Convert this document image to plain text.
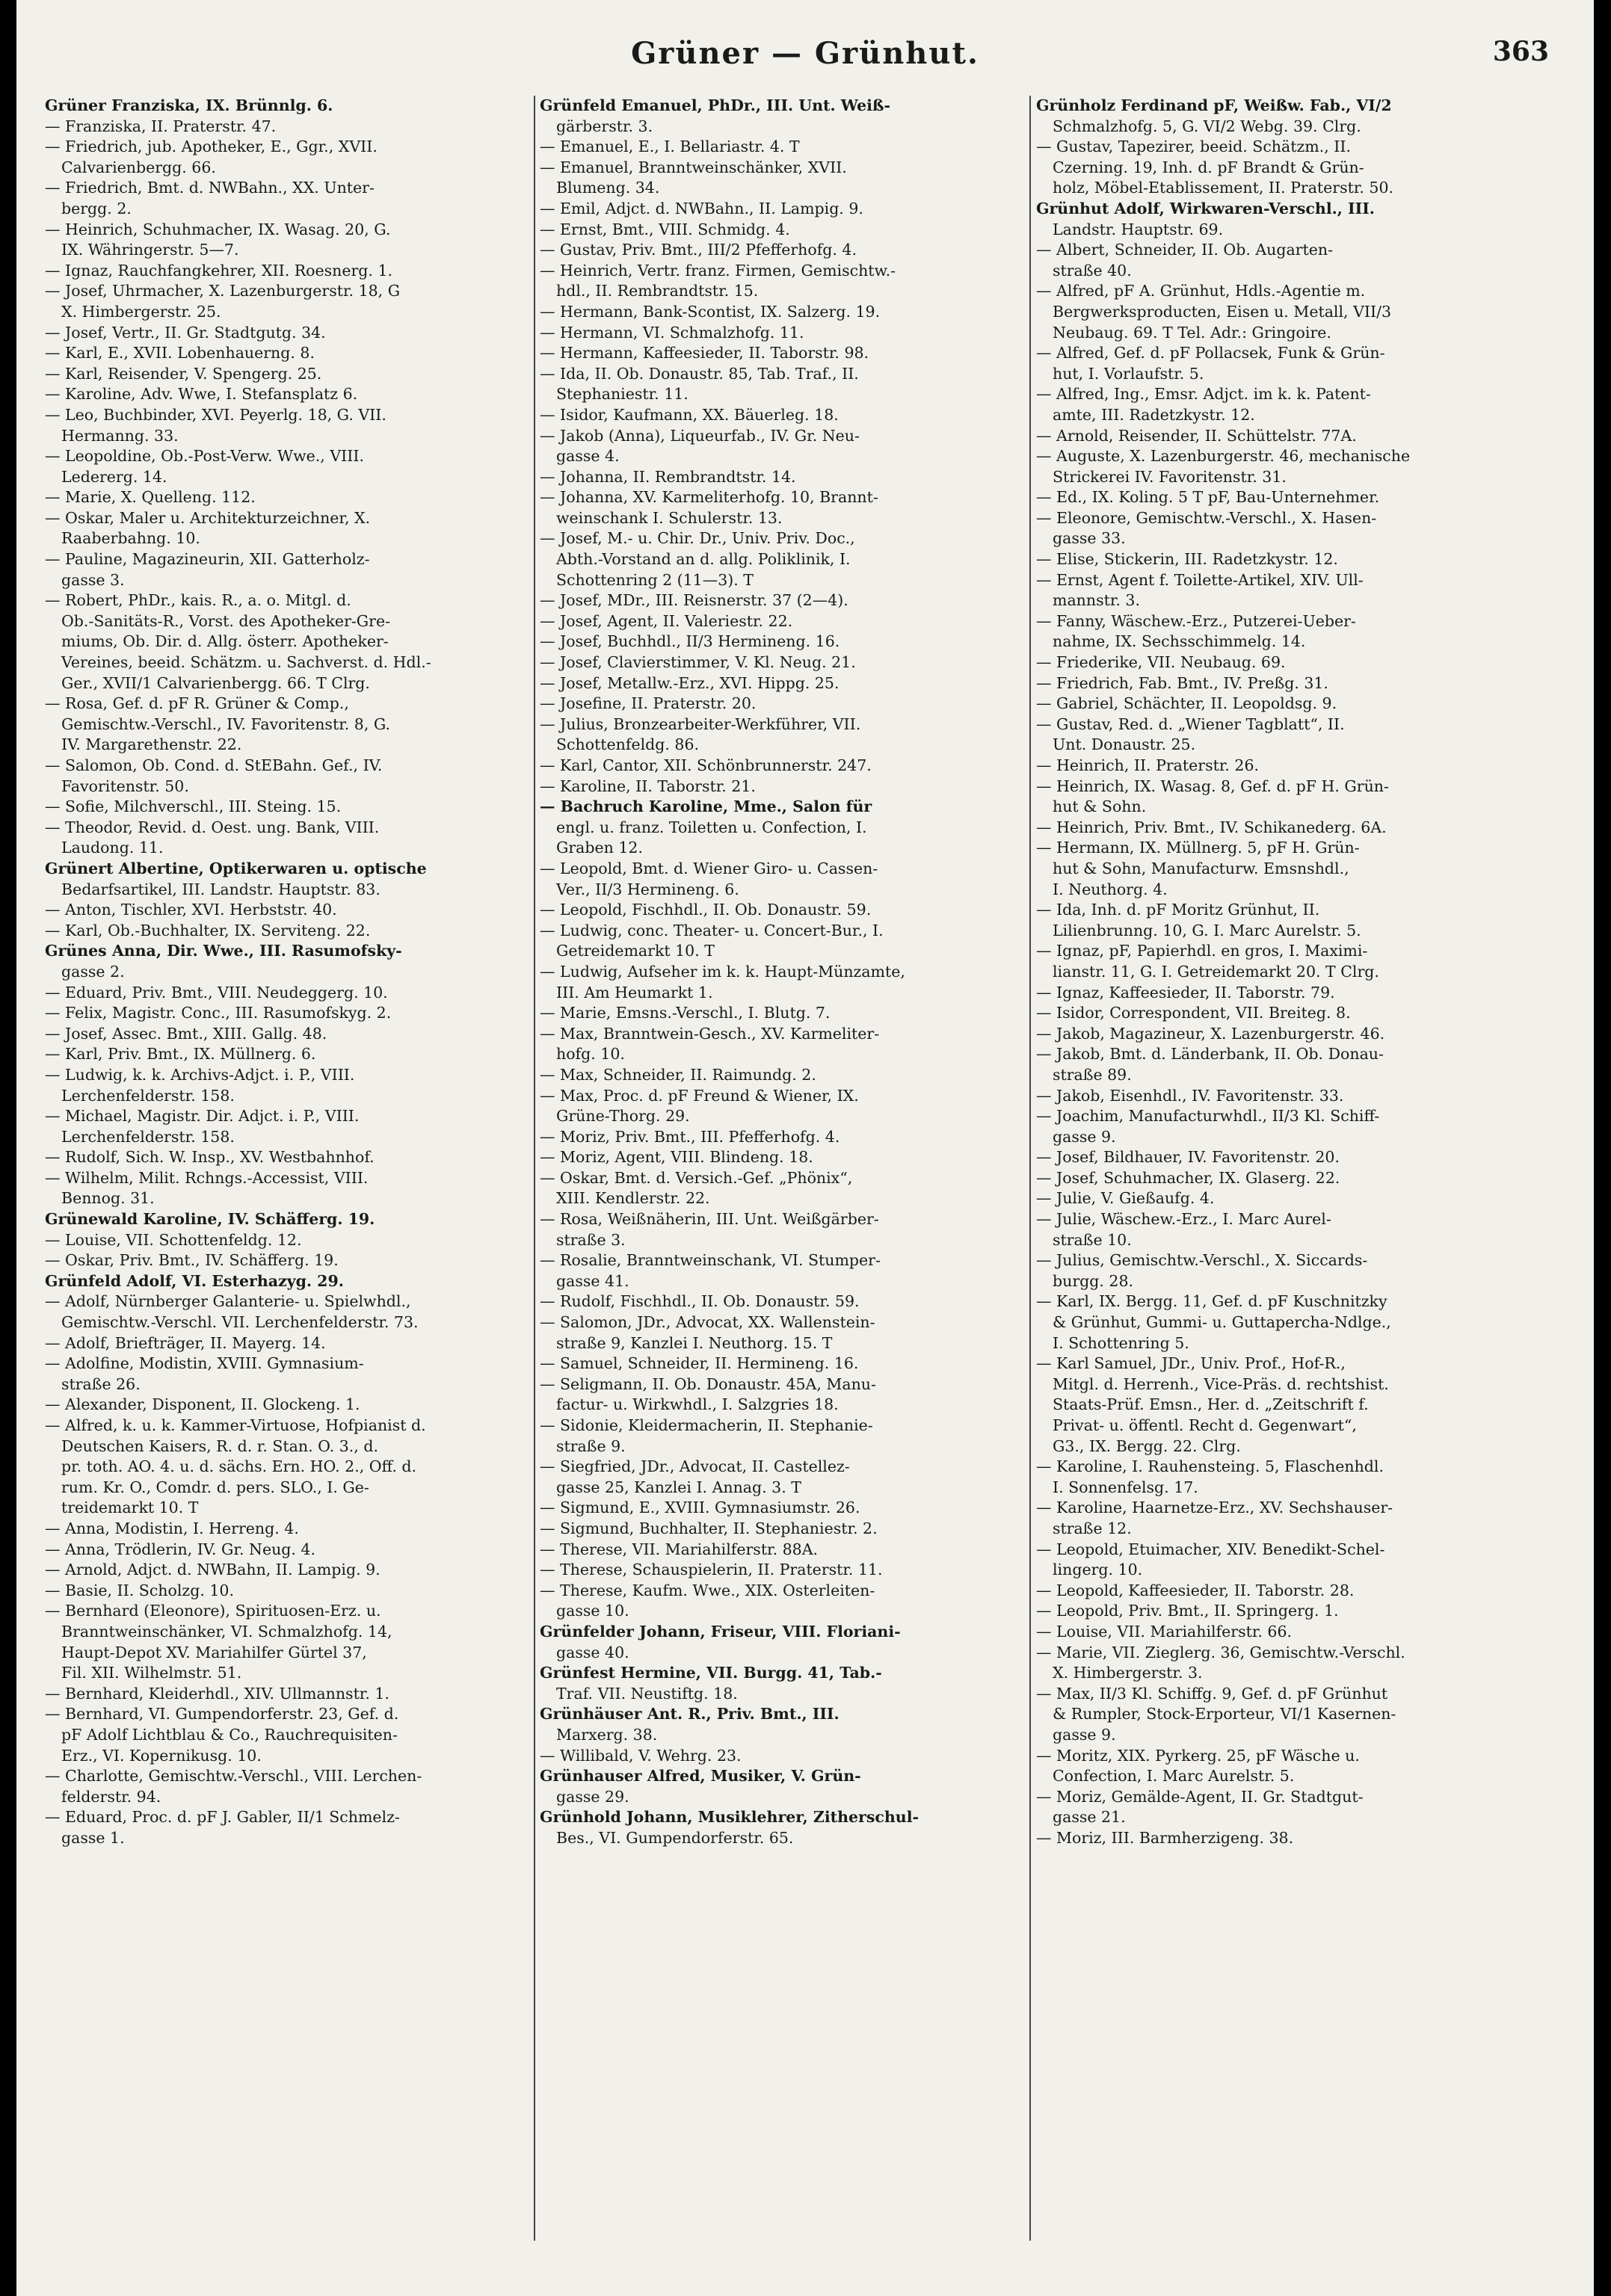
Grüner — Grünhut.	363
Grüner Franziska, IX. Brünnlg. 6.
— Franziska, II. Praterstr. 47.
— Friedrich, jub. Apotheker, E., Ggr., XVII.
Calvarienbergg. 66.
— Friedrich, Bmt. d. NWBahn., XX. Unter-
bergg. 2.
— Heinrich, Schuhmacher, IX. Wasag. 20, G.
IX. Währingerstr. 5—7.
— Ignaz, Rauchfangkehrer, XII. Roesnerg. 1.
— Josef, Uhrmacher, X. Lazenburgerstr. 18, G
X. Himbergerstr. 25.
— Josef, Vertr., II. Gr. Stadtgutg. 34.
— Karl, E., XVII. Lobenhauerng. 8.
— Karl, Reisender, V. Spengerg. 25.
— Karoline, Adv. Wwe, I. Stefansplatz 6.
— Leo, Buchbinder, XVI. Peyerlg. 18, G. VII.
Hermanng. 33.
— Leopoldine, Ob.-Post-Verw. Wwe., VIII.
Ledererg. 14.
— Marie, X. Quelleng. 112.
— Oskar, Maler u. Architekturzeichner, X.
Raaberbahng. 10.
— Pauline, Magazineurin, XII. Gatterholz-
gasse 3.
— Robert, PhDr., kais. R., a. o. Mitgl. d.
Ob.-Sanitäts-R., Vorst. des Apotheker-Gre-
miums, Ob. Dir. d. Allg. österr. Apotheker-
Vereines, beeid. Schätzm. u. Sachverst. d. Hdl.-
Ger., XVII/1 Calvarienbergg. 66. T Clrg.
— Rosa, Gef. d. pF R. Grüner & Comp.,
Gemischtw.-Verschl., IV. Favoritenstr. 8, G.
IV. Margarethenstr. 22.
— Salomon, Ob. Cond. d. StEBahn. Gef., IV.
Favoritenstr. 50.
— Sofie, Milchverschl., III. Steing. 15.
— Theodor, Revid. d. Oest. ung. Bank, VIII.
Laudong. 11.
Grünert Albertine, Optikerwaren u. optische
Bedarfsartikel, III. Landstr. Hauptstr. 83.
— Anton, Tischler, XVI. Herbststr. 40.
— Karl, Ob.-Buchhalter, IX. Servitеng. 22.
Grünes Anna, Dir. Wwe., III. Rasumofsky-
gasse 2.
— Eduard, Priv. Bmt., VIII. Neudeggerg. 10.
— Felix, Magistr. Conc., III. Rasumofskyg. 2.
— Josef, Assec. Bmt., XIII. Gallg. 48.
— Karl, Priv. Bmt., IX. Müllnerg. 6.
— Ludwig, k. k. Archivs-Adjct. i. P., VIII.
Lerchenfelderstr. 158.
— Michael, Magistr. Dir. Adjct. i. P., VIII.
Lerchenfelderstr. 158.
— Rudolf, Sich. W. Insp., XV. Westbahnhof.
— Wilhelm, Milit. Rchngs.-Accessist, VIII.
Bennog. 31.
Grünewald Karoline, IV. Schäfferg. 19.
— Louise, VII. Schottenfeldg. 12.
— Oskar, Priv. Bmt., IV. Schäfferg. 19.
Grünfeld Adolf, VI. Esterhazyg. 29.
— Adolf, Nürnberger Galanterie- u. Spielwhdl.,
Gemischtw.-Verschl. VII. Lerchenfelderstr. 73.
— Adolf, Briefträger, II. Mayerg. 14.
— Adolfine, Modistin, XVIII. Gymnasium-
straße 26.
— Alexander, Disponent, II. Glockeng. 1.
— Alfred, k. u. k. Kammer-Virtuose, Hofpianist d.
Deutschen Kaisers, R. d. r. Stan. O. 3., d.
pr. toth. AO. 4. u. d. sächs. Ern. HO. 2., Off. d.
rum. Kr. O., Comdr. d. pers. SLO., I. Ge-
treidemarkt 10. T
— Anna, Modistin, I. Herreng. 4.
— Anna, Trödlerin, IV. Gr. Neug. 4.
— Arnold, Adjct. d. NWBahn, II. Lampig. 9.
— Basie, II. Scholzg. 10.
— Bernhard (Eleonore), Spirituosen-Erz. u.
Branntweinschänker, VI. Schmalzhofg. 14,
Haupt-Depot XV. Mariahilfer Gürtel 37,
Fil. XII. Wilhelmstr. 51.
— Bernhard, Kleiderhdl., XIV. Ullmannstr. 1.
— Bernhard, VI. Gumpendorferstr. 23, Gef. d.
pF Adolf Lichtblau & Co., Rauchrequisiten-
Erz., VI. Kopernikusg. 10.
— Charlotte, Gemischtw.-Verschl., VIII. Lerchen-
felderstr. 94.
— Eduard, Proc. d. pF J. Gabler, II/1 Schmelz-
gasse 1.
Grünfeld Emanuel, PhDr., III. Unt. Weiß-
gärberstr. 3.
— Emanuel, E., I. Bellariastr. 4. T
— Emanuel, Branntweinschänker, XVII.
Blumeng. 34.
— Emil, Adjct. d. NWBahn., II. Lampig. 9.
— Ernst, Bmt., VIII. Schmidg. 4.
— Gustav, Priv. Bmt., III/2 Pfefferhofg. 4.
— Heinrich, Vertr. franz. Firmen, Gemischtw.-
hdl., II. Rembrandtstr. 15.
— Hermann, Bank-Scontist, IX. Salzerg. 19.
— Hermann, VI. Schmalzhofg. 11.
— Hermann, Kaffeesieder, II. Taborstr. 98.
— Ida, II. Ob. Donaustr. 85, Tab. Traf., II.
Stephaniestr. 11.
— Isidor, Kaufmann, XX. Bäuerleg. 18.
— Jakob (Anna), Liqueurfab., IV. Gr. Neu-
gasse 4.
— Johanna, II. Rembrandtstr. 14.
— Johanna, XV. Karmeliterhofg. 10, Brannt-
weinschank I. Schulerstr. 13.
— Josef, M.- u. Chir. Dr., Univ. Priv. Doc.,
Abth.-Vorstand an d. allg. Poliklinik, I.
Schottenring 2 (11—3). T
— Josef, MDr., III. Reisnerstr. 37 (2—4).
— Josef, Agent, II. Valeriestr. 22.
— Josef, Buchhdl., II/3 Hermineng. 16.
— Josef, Clavierstimmer, V. Kl. Neug. 21.
— Josef, Metallw.-Erz., XVI. Hippg. 25.
— Josefine, II. Praterstr. 20.
— Julius, Bronzearbeiter-Werkführer, VII.
Schottenfeldg. 86.
— Karl, Cantor, XII. Schönbrunnerstr. 247.
— Karoline, II. Taborstr. 21.
— Bachruch Karoline, Mme., Salon für
engl. u. franz. Toiletten u. Confection, I.
Graben 12.
— Leopold, Bmt. d. Wiener Giro- u. Cassen-
Ver., II/3 Hermineng. 6.
— Leopold, Fischhdl., II. Ob. Donaustr. 59.
— Ludwig, conc. Theater- u. Concert-Bur., I.
Getreidemarkt 10. T
— Ludwig, Aufseher im k. k. Haupt-Münzamte,
III. Am Heumarkt 1.
— Marie, Emsns.-Verschl., I. Blutg. 7.
— Max, Branntwein-Gesch., XV. Karmeliter-
hofg. 10.
— Max, Schneider, II. Raimundg. 2.
— Max, Proc. d. pF Freund & Wiener, IX.
Grüne-Thorg. 29.
— Moriz, Priv. Bmt., III. Pfefferhofg. 4.
— Moriz, Agent, VIII. Blindeng. 18.
— Oskar, Bmt. d. Versich.-Gef. „Phönix“,
XIII. Kendlerstr. 22.
— Rosa, Weißnäherin, III. Unt. Weißgärber-
straße 3.
— Rosalie, Branntweinschank, VI. Stumper-
gasse 41.
— Rudolf, Fischhdl., II. Ob. Donaustr. 59.
— Salomon, JDr., Advocat, XX. Wallenstein-
straße 9, Kanzlei I. Neuthorg. 15. T
— Samuel, Schneider, II. Hermineng. 16.
— Seligmann, II. Ob. Donaustr. 45A, Manu-
factur- u. Wirkwhdl., I. Salzgries 18.
— Sidonie, Kleidermacherin, II. Stephanie-
straße 9.
— Siegfried, JDr., Advocat, II. Castellez-
gasse 25, Kanzlei I. Annag. 3. T
— Sigmund, E., XVIII. Gymnasiumstr. 26.
— Sigmund, Buchhalter, II. Stephaniestr. 2.
— Therese, VII. Mariahilferstr. 88A.
— Therese, Schauspielerin, II. Praterstr. 11.
— Therese, Kaufm. Wwe., XIX. Osterleiten-
gasse 10.
Grünfelder Johann, Friseur, VIII. Floriani-
gasse 40.
Grünfest Hermine, VII. Burgg. 41, Tab.-
Traf. VII. Neustiftg. 18.
Grünhäuser Ant. R., Priv. Bmt., III.
Marxerg. 38.
— Willibald, V. Wehrg. 23.
Grünhauser Alfred, Musiker, V. Grün-
gasse 29.
Grünhold Johann, Musiklehrer, Zitherschul-
Bes., VI. Gumpendorferstr. 65.
Grünholz Ferdinand pF, Weißw. Fab., VI/2
Schmalzhofg. 5, G. VI/2 Webg. 39. Clrg.
— Gustav, Tapezirer, beeid. Schätzm., II.
Czerning. 19, Inh. d. pF Brandt & Grün-
holz, Möbel-Etablissement, II. Praterstr. 50.
Grünhut Adolf, Wirkwaren-Verschl., III.
Landstr. Hauptstr. 69.
— Albert, Schneider, II. Ob. Augarten-
straße 40.
— Alfred, pF A. Grünhut, Hdls.-Agentie m.
Bergwerksproducten, Eisen u. Metall, VII/3
Neubaug. 69. T Tel. Adr.: Gringoire.
— Alfred, Gef. d. pF Pollacsek, Funk & Grün-
hut, I. Vorlaufstr. 5.
— Alfred, Ing., Emsr. Adjct. im k. k. Patent-
amte, III. Radetzkystr. 12.
— Arnold, Reisender, II. Schüttelstr. 77A.
— Auguste, X. Lazenburgerstr. 46, mechanische
Strickerei IV. Favoritenstr. 31.
— Ed., IX. Koling. 5 T pF, Bau-Unternehmer.
— Eleonore, Gemischtw.-Verschl., X. Hasen-
gasse 33.
— Elise, Stickerin, III. Radetzkystr. 12.
— Ernst, Agent f. Toilette-Artikel, XIV. Ull-
mannstr. 3.
— Fanny, Wäschew.-Erz., Putzerei-Ueber-
nahme, IX. Sechsschimmelg. 14.
— Friederike, VII. Neubaug. 69.
— Friedrich, Fab. Bmt., IV. Preßg. 31.
— Gabriel, Schächter, II. Leopoldsg. 9.
— Gustav, Red. d. „Wiener Tagblatt“, II.
Unt. Donaustr. 25.
— Heinrich, II. Praterstr. 26.
— Heinrich, IX. Wasag. 8, Gef. d. pF H. Grün-
hut & Sohn.
— Heinrich, Priv. Bmt., IV. Schikanederg. 6A.
— Hermann, IX. Müllnerg. 5, pF H. Grün-
hut & Sohn, Manufacturw. Emsnshdl.,
I. Neuthorg. 4.
— Ida, Inh. d. pF Moritz Grünhut, II.
Lilienbrunng. 10, G. I. Marc Aurelstr. 5.
— Ignaz, pF, Papierhdl. en gros, I. Maximi-
lianstr. 11, G. I. Getreidemarkt 20. T Clrg.
— Ignaz, Kaffeesieder, II. Taborstr. 79.
— Isidor, Correspondent, VII. Breiteg. 8.
— Jakob, Magazineur, X. Lazenburgerstr. 46.
— Jakob, Bmt. d. Länderbank, II. Ob. Donau-
straße 89.
— Jakob, Eisenhdl., IV. Favoritenstr. 33.
— Joachim, Manufacturwhdl., II/3 Kl. Schiff-
gasse 9.
— Josef, Bildhauer, IV. Favoritenstr. 20.
— Josef, Schuhmacher, IX. Glaserg. 22.
— Julie, V. Gießaufg. 4.
— Julie, Wäschew.-Erz., I. Marc Aurel-
straße 10.
— Julius, Gemischtw.-Verschl., X. Siccards-
burgg. 28.
— Karl, IX. Bergg. 11, Gef. d. pF Kuschnitzky
& Grünhut, Gummi- u. Guttapercha-Ndlge.,
I. Schottenring 5.
— Karl Samuel, JDr., Univ. Prof., Hof-R.,
Mitgl. d. Herrenh., Vice-Präs. d. rechtshist.
Staats-Prüf. Emsn., Her. d. „Zeitschrift f.
Privat- u. öffentl. Recht d. Gegenwart“,
G3., IX. Bergg. 22. Clrg.
— Karoline, I. Rauhensteing. 5, Flaschenhdl.
I. Sonnenfelsg. 17.
— Karoline, Haarnetze-Erz., XV. Sechshauser-
straße 12.
— Leopold, Etuimacher, XIV. Benedikt-Schel-
lingerg. 10.
— Leopold, Kaffeesieder, II. Taborstr. 28.
— Leopold, Priv. Bmt., II. Springerg. 1.
— Louise, VII. Mariahilferstr. 66.
— Marie, VII. Zieglerg. 36, Gemischtw.-Verschl.
X. Himbergerstr. 3.
— Max, II/3 Kl. Schiffg. 9, Gef. d. pF Grünhut
& Rumpler, Stock-Erporteur, VI/1 Kasernen-
gasse 9.
— Moritz, XIX. Pyrkerg. 25, pF Wäsche u.
Confection, I. Marc Aurelstr. 5.
— Moriz, Gemälde-Agent, II. Gr. Stadtgut-
gasse 21.
— Moriz, III. Barmherzigeng. 38.
